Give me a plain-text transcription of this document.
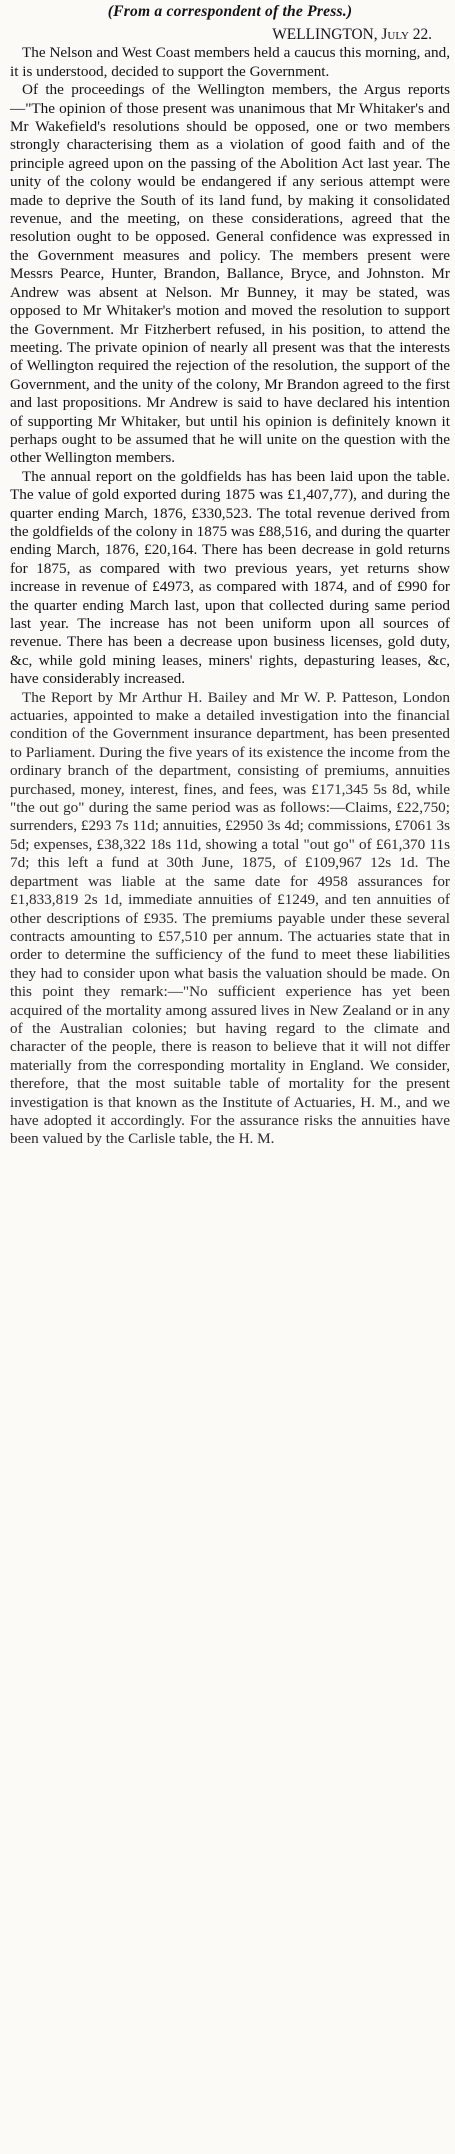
(From a correspondent of the Press.)

WELLINGTON, July 22.

The Nelson and West Coast members held a caucus this morning, and, it is understood, decided to support the Government.

Of the proceedings of the Wellington members, the Argus reports—"The opinion of those present was unanimous that Mr Whitaker's and Mr Wakefield's resolutions should be opposed, one or two members strongly characterising them as a violation of good faith and of the principle agreed upon on the passing of the Abolition Act last year. The unity of the colony would be endangered if any serious attempt were made to deprive the South of its land fund, by making it consolidated revenue, and the meeting, on these considerations, agreed that the resolution ought to be opposed. General confidence was expressed in the Government measures and policy. The members present were Messrs Pearce, Hunter, Brandon, Ballance, Bryce, and Johnston. Mr Andrew was absent at Nelson. Mr Bunney, it may be stated, was opposed to Mr Whitaker's motion and moved the resolution to support the Government. Mr Fitzherbert refused, in his position, to attend the meeting. The private opinion of nearly all present was that the interests of Wellington required the rejection of the resolution, the support of the Government, and the unity of the colony, Mr Brandon agreed to the first and last propositions. Mr Andrew is said to have declared his intention of supporting Mr Whitaker, but until his opinion is definitely known it perhaps ought to be assumed that he will unite on the question with the other Wellington members.

The annual report on the goldfields has has been laid upon the table. The value of gold exported during 1875 was £1,407,77), and during the quarter ending March, 1876, £330,523. The total revenue derived from the goldfields of the colony in 1875 was £88,516, and during the quarter ending March, 1876, £20,164. There has been decrease in gold returns for 1875, as compared with two previous years, yet returns show increase in revenue of £4973, as compared with 1874, and of £990 for the quarter ending March last, upon that collected during same period last year. The increase has not been uniform upon all sources of revenue. There has been a decrease upon business licenses, gold duty, &c, while gold mining leases, miners' rights, depasturing leases, &c, have considerably increased.

The Report by Mr Arthur H. Bailey and Mr W. P. Patteson, London actuaries, appointed to make a detailed investigation into the financial condition of the Government insurance department, has been presented to Parliament. During the five years of its existence the income from the ordinary branch of the department, consisting of premiums, annuities purchased, money, interest, fines, and fees, was £171,345 5s 8d, while "the out go" during the same period was as follows:—Claims, £22,750; surrenders, £293 7s 11d; annuities, £2950 3s 4d; commissions, £7061 3s 5d; expenses, £38,322 18s 11d, showing a total "out go" of £61,370 11s 7d; this left a fund at 30th June, 1875, of £109,967 12s 1d. The department was liable at the same date for 4958 assurances for £1,833,819 2s 1d, immediate annuities of £1249, and ten annuities of other descriptions of £935. The premiums payable under these several contracts amounting to £57,510 per annum. The actuaries state that in order to determine the sufficiency of the fund to meet these liabilities they had to consider upon what basis the valuation should be made. On this point they remark:—"No sufficient experience has yet been acquired of the mortality among assured lives in New Zealand or in any of the Australian colonies; but having regard to the climate and character of the people, there is reason to believe that it will not differ materially from the corresponding mortality in England. We consider, therefore, that the most suitable table of mortality for the present investigation is that known as the Institute of Actuaries, H. M., and we have adopted it accordingly. For the assurance risks the annuities have been valued by the Carlisle table, the H. M.
